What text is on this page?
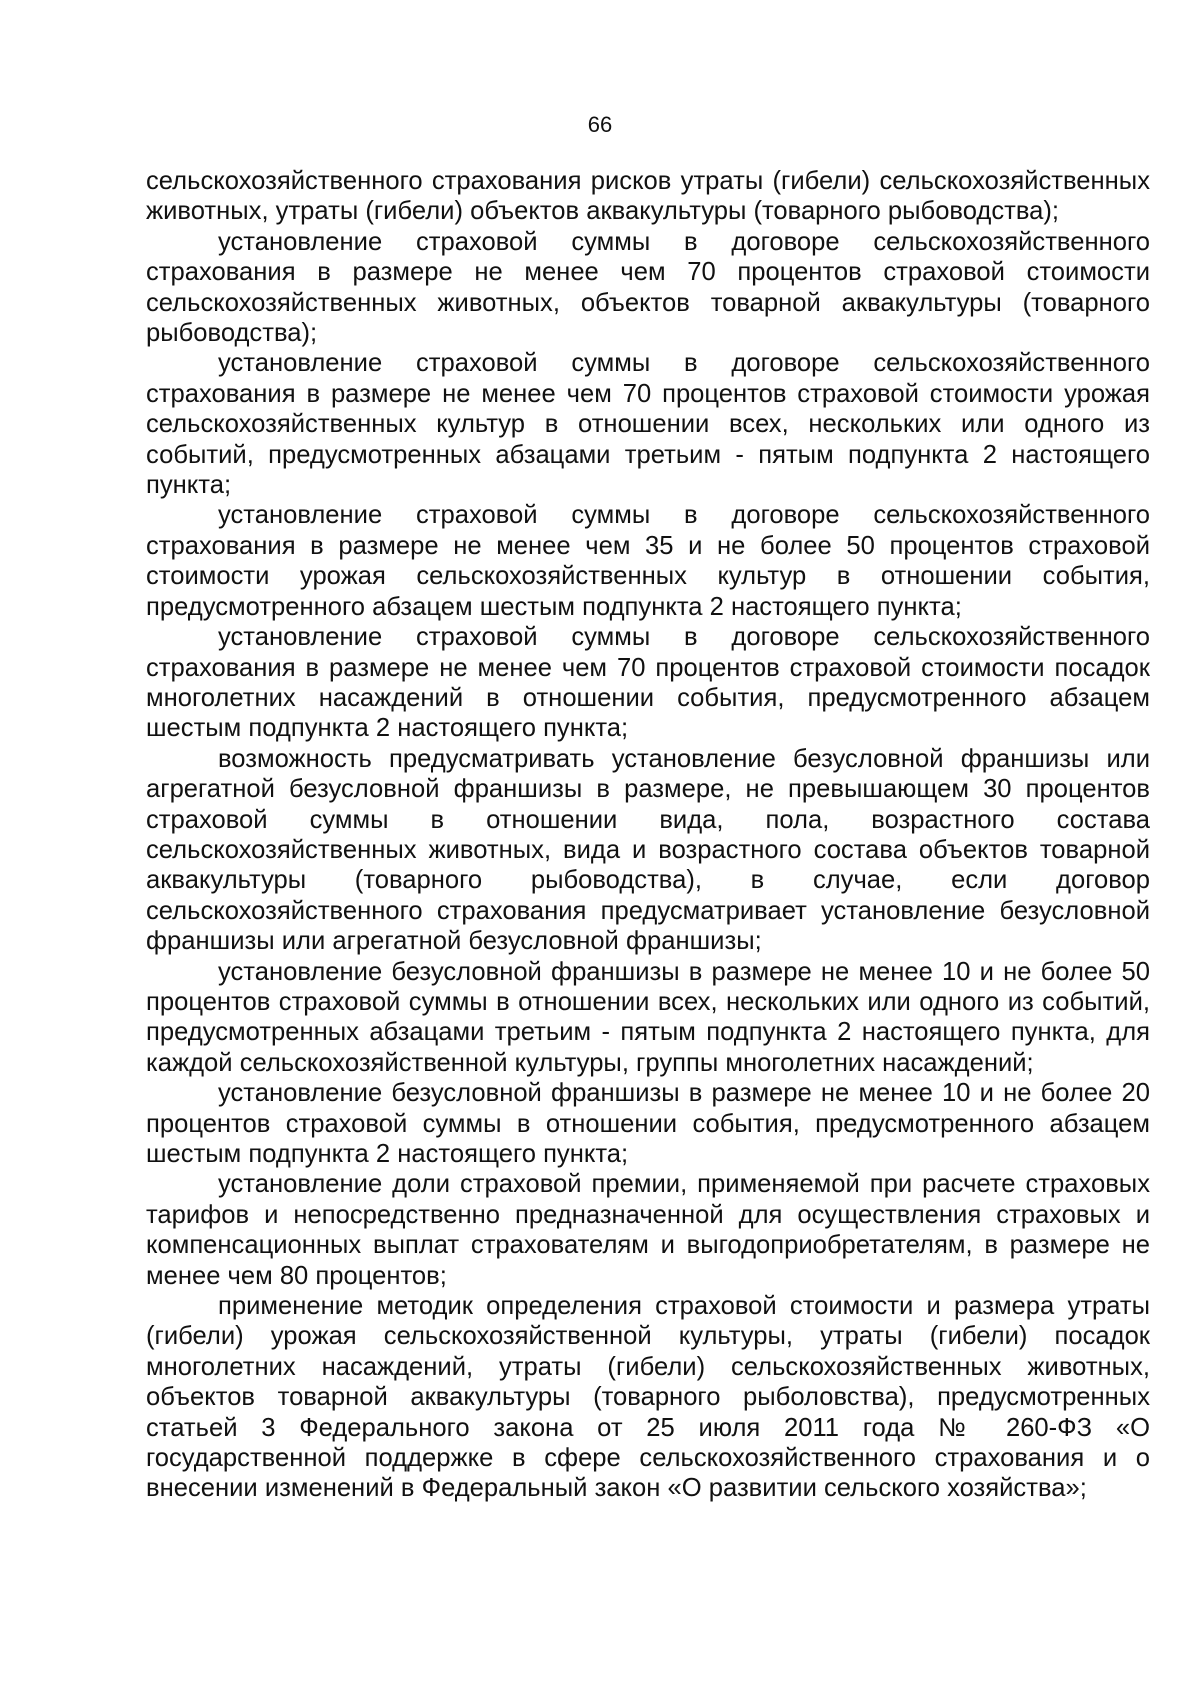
66

сельскохозяйственного страхования рисков утраты (гибели) сельскохозяйственных животных, утраты (гибели) объектов аквакультуры (товарного рыбоводства);

установление страховой суммы в договоре сельскохозяйственного страхования в размере не менее чем 70 процентов страховой стоимости сельскохозяйственных животных, объектов товарной аквакультуры (товарного рыбоводства);

установление страховой суммы в договоре сельскохозяйственного страхования в размере не менее чем 70 процентов страховой стоимости урожая сельскохозяйственных культур в отношении всех, нескольких или одного из событий, предусмотренных абзацами третьим - пятым подпункта 2 настоящего пункта;

установление страховой суммы в договоре сельскохозяйственного страхования в размере не менее чем 35 и не более 50 процентов страховой стоимости урожая сельскохозяйственных культур в отношении события, предусмотренного абзацем шестым подпункта 2 настоящего пункта;

установление страховой суммы в договоре сельскохозяйственного страхования в размере не менее чем 70 процентов страховой стоимости посадок многолетних насаждений в отношении события, предусмотренного абзацем шестым подпункта 2 настоящего пункта;

возможность предусматривать установление безусловной франшизы или агрегатной безусловной франшизы в размере, не превышающем 30 процентов страховой суммы в отношении вида, пола, возрастного состава сельскохозяйственных животных, вида и возрастного состава объектов товарной аквакультуры (товарного рыбоводства), в случае, если договор сельскохозяйственного страхования предусматривает установление безусловной франшизы или агрегатной безусловной франшизы;

установление безусловной франшизы в размере не менее 10 и не более 50 процентов страховой суммы в отношении всех, нескольких или одного из событий, предусмотренных абзацами третьим - пятым подпункта 2 настоящего пункта, для каждой сельскохозяйственной культуры, группы многолетних насаждений;

установление безусловной франшизы в размере не менее 10 и не более 20 процентов страховой суммы в отношении события, предусмотренного абзацем шестым подпункта 2 настоящего пункта;

установление доли страховой премии, применяемой при расчете страховых тарифов и непосредственно предназначенной для осуществления страховых и компенсационных выплат страхователям и выгодоприобретателям, в размере не менее чем 80 процентов;

применение методик определения страховой стоимости и размера утраты (гибели) урожая сельскохозяйственной культуры, утраты (гибели) посадок многолетних насаждений, утраты (гибели) сельскохозяйственных животных, объектов товарной аквакультуры (товарного рыболовства), предусмотренных статьей 3 Федерального закона от 25 июля 2011 года № 260-ФЗ «О государственной поддержке в сфере сельскохозяйственного страхования и о внесении изменений в Федеральный закон «О развитии сельского хозяйства»;
